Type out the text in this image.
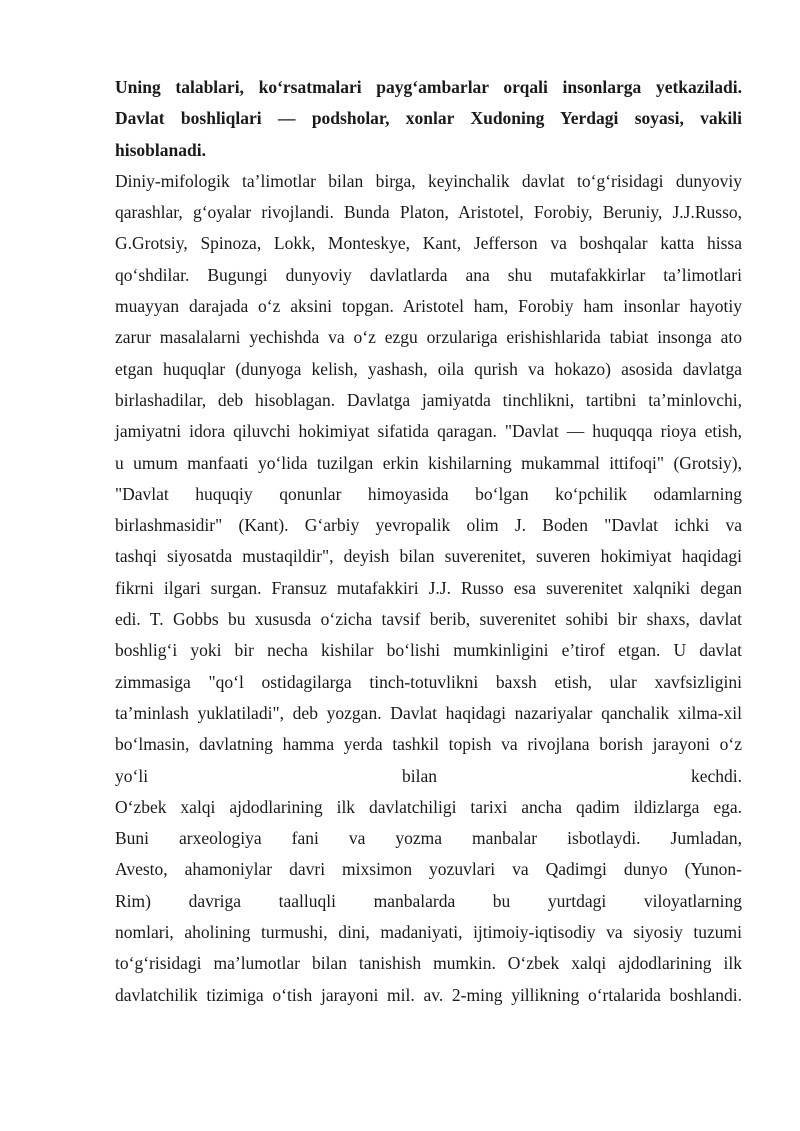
Uning talablari, ko‘rsatmalari payg‘ambarlar orqali insonlarga yetkaziladi.
Davlat boshliqlari — podsholar, xonlar Xudoning Yerdagi soyasi, vakili
hisoblanadi.
Diniy-mifologik ta’limotlar bilan birga, keyinchalik davlat to‘g‘risidagi dunyoviy
qarashlar, g‘oyalar rivojlandi. Bunda Platon, Aristotel, Forobiy, Beruniy, J.J.Russo,
G.Grotsiy, Spinoza, Lokk, Monteskye, Kant, Jefferson va boshqalar katta hissa
qo‘shdilar. Bugungi dunyoviy davlatlarda ana shu mutafakkirlar ta’limotlari
muayyan darajada o‘z aksini topgan. Aristotel ham, Forobiy ham insonlar hayotiy
zarur masalalarni yechishda va o‘z ezgu orzulariga erishishlarida tabiat insonga ato
etgan huquqlar (dunyoga kelish, yashash, oila qurish va hokazo) asosida davlatga
birlashadilar, deb hisoblagan. Davlatga jamiyatda tinchlikni, tartibni ta’minlovchi,
jamiyatni idora qiluvchi hokimiyat sifatida qaragan. "Davlat — huquqqa rioya etish,
u umum manfaati yo‘lida tuzilgan erkin kishilarning mukammal ittifoqi" (Grotsiy),
"Davlat huquqiy qonunlar himoyasida bo‘lgan ko‘pchilik odamlarning
birlashmasidir" (Kant). G‘arbiy yevropalik olim J. Boden "Davlat ichki va
tashqi siyosatda mustaqildir", deyish bilan suverenitet, suveren hokimiyat haqidagi
fikrni ilgari surgan. Fransuz mutafakkiri J.J. Russo esa suverenitet xalqniki degan
edi. T. Gobbs bu xususda o‘zicha tavsif berib, suverenitet sohibi bir shaxs, davlat
boshlig‘i yoki bir necha kishilar bo‘lishi mumkinligini e’tirof etgan. U davlat
zimmasiga "qo‘l ostidagilarga tinch-totuvlikni baxsh etish, ular xavfsizligini
ta’minlash yuklatiladi", deb yozgan. Davlat haqidagi nazariyalar qanchalik xilma-xil
bo‘lmasin, davlatning hamma yerda tashkil topish va rivojlana borish jarayoni o‘z
yo‘li bilan kechdi.
O‘zbek xalqi ajdodlarining ilk davlatchiligi tarixi ancha qadim ildizlarga ega.
Buni arxeologiya fani va yozma manbalar isbotlaydi. Jumladan,
Avesto, ahamoniylar davri mixsimon yozuvlari va Qadimgi dunyo (Yunon-
Rim) davriga taalluqli manbalarda bu yurtdagi viloyatlarning
nomlari, aholining turmushi, dini, madaniyati, ijtimoiy-iqtisodiy va siyosiy tuzumi
to‘g‘risidagi ma’lumotlar bilan tanishish mumkin. O‘zbek xalqi ajdodlarining ilk
davlatchilik tizimiga o‘tish jarayoni mil. av. 2-ming yillikning o‘rtalarida boshlandi.
